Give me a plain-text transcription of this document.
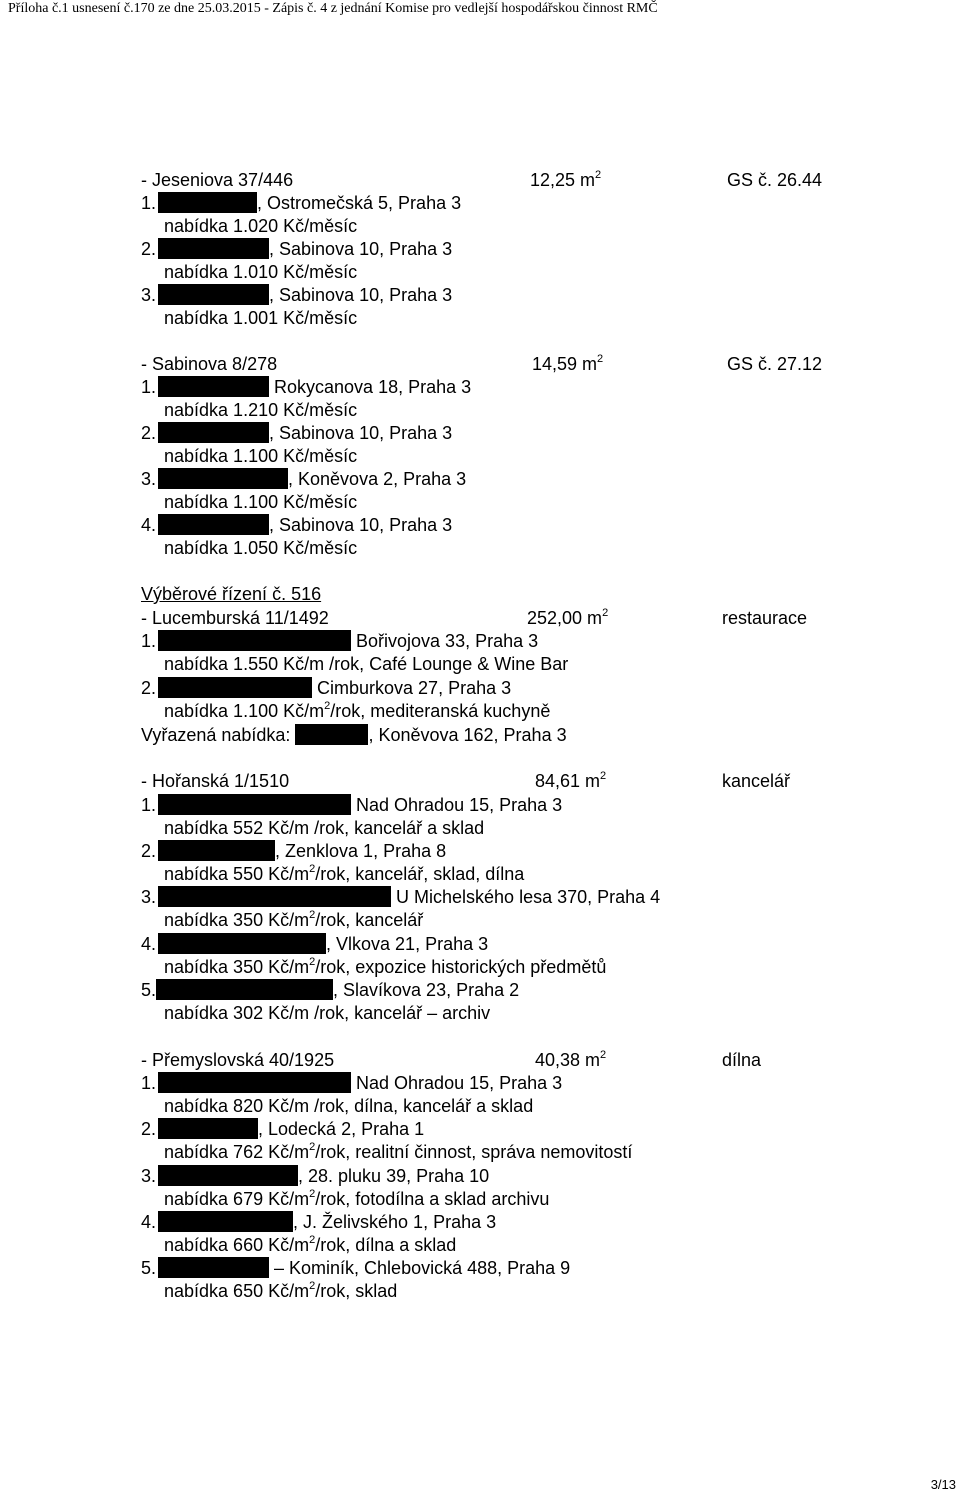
Příloha č.1 usnesení č.170 ze dne 25.03.2015 - Zápis č. 4 z jednání Komise pro vedlejší hospodářskou činnost RMČ
- Jeseniova 37/446	12,25 $m^2$	GS č. 26.44
1.	, Ostromečská 5, Praha 3
nabídka 1.020 Kč/měsíc
2.	, Sabinova 10, Praha 3
nabídka 1.010 Kč/měsíc
3.	, Sabinova 10, Praha 3
nabídka 1.001 Kč/měsíc
- Sabinova 8/278	14,59 $m^2$	GS č. 27.12
1.	Rokycanova 18, Praha 3
nabídka 1.210 Kč/měsíc
2.	, Sabinova 10, Praha 3
nabídka 1.100 Kč/měsíc
3.	, Koněvova 2, Praha 3
nabídka 1.100 Kč/měsíc
4.	, Sabinova 10, Praha 3
nabídka 1.050 Kč/měsíc
Výběrové řízení č. 516
- Lucemburská 11/1492	252,00 $m^2$	restaurace
1.	Bořivojova 33, Praha 3
nabídka 1.550 Kč/m /rok, Café Lounge & Wine Bar
2.	Cimburkova 27, Praha 3
nabídka 1.100 $Kč/m^2$/rok, mediteranská kuchyně
Vyřazená nabídka:	, Koněvova 162, Praha 3
- Hořanská 1/1510	84,61 $m^2$	kancelář
1.	Nad Ohradou 15, Praha 3
nabídka 552 Kč/m /rok, kancelář a sklad
2.	, Zenklova 1, Praha 8
nabídka 550 $Kč/m^2$/rok, kancelář, sklad, dílna
3.	U Michelského lesa 370, Praha 4
nabídka 350 $Kč/m^2$/rok, kancelář
4.	, Vlkova 21, Praha 3
nabídka 350 $Kč/m^2$/rok, expozice historických předmětů
5.	, Slavíkova 23, Praha 2
nabídka 302 Kč/m /rok, kancelář – archiv
- Přemyslovská 40/1925	40,38 $m^2$	dílna
1.	Nad Ohradou 15, Praha 3
nabídka 820 Kč/m /rok, dílna, kancelář a sklad
2.	, Lodecká 2, Praha 1
nabídka 762 $Kč/m^2$/rok, realitní činnost, správa nemovitostí
3.	, 28. pluku 39, Praha 10
nabídka 679 $Kč/m^2$/rok, fotodílna a sklad archivu
4.	, J. Želivského 1, Praha 3
nabídka 660 $Kč/m^2$/rok, dílna a sklad
5.	– Kominík, Chlebovická 488, Praha 9
nabídka 650 $Kč/m^2$/rok, sklad
3/13
